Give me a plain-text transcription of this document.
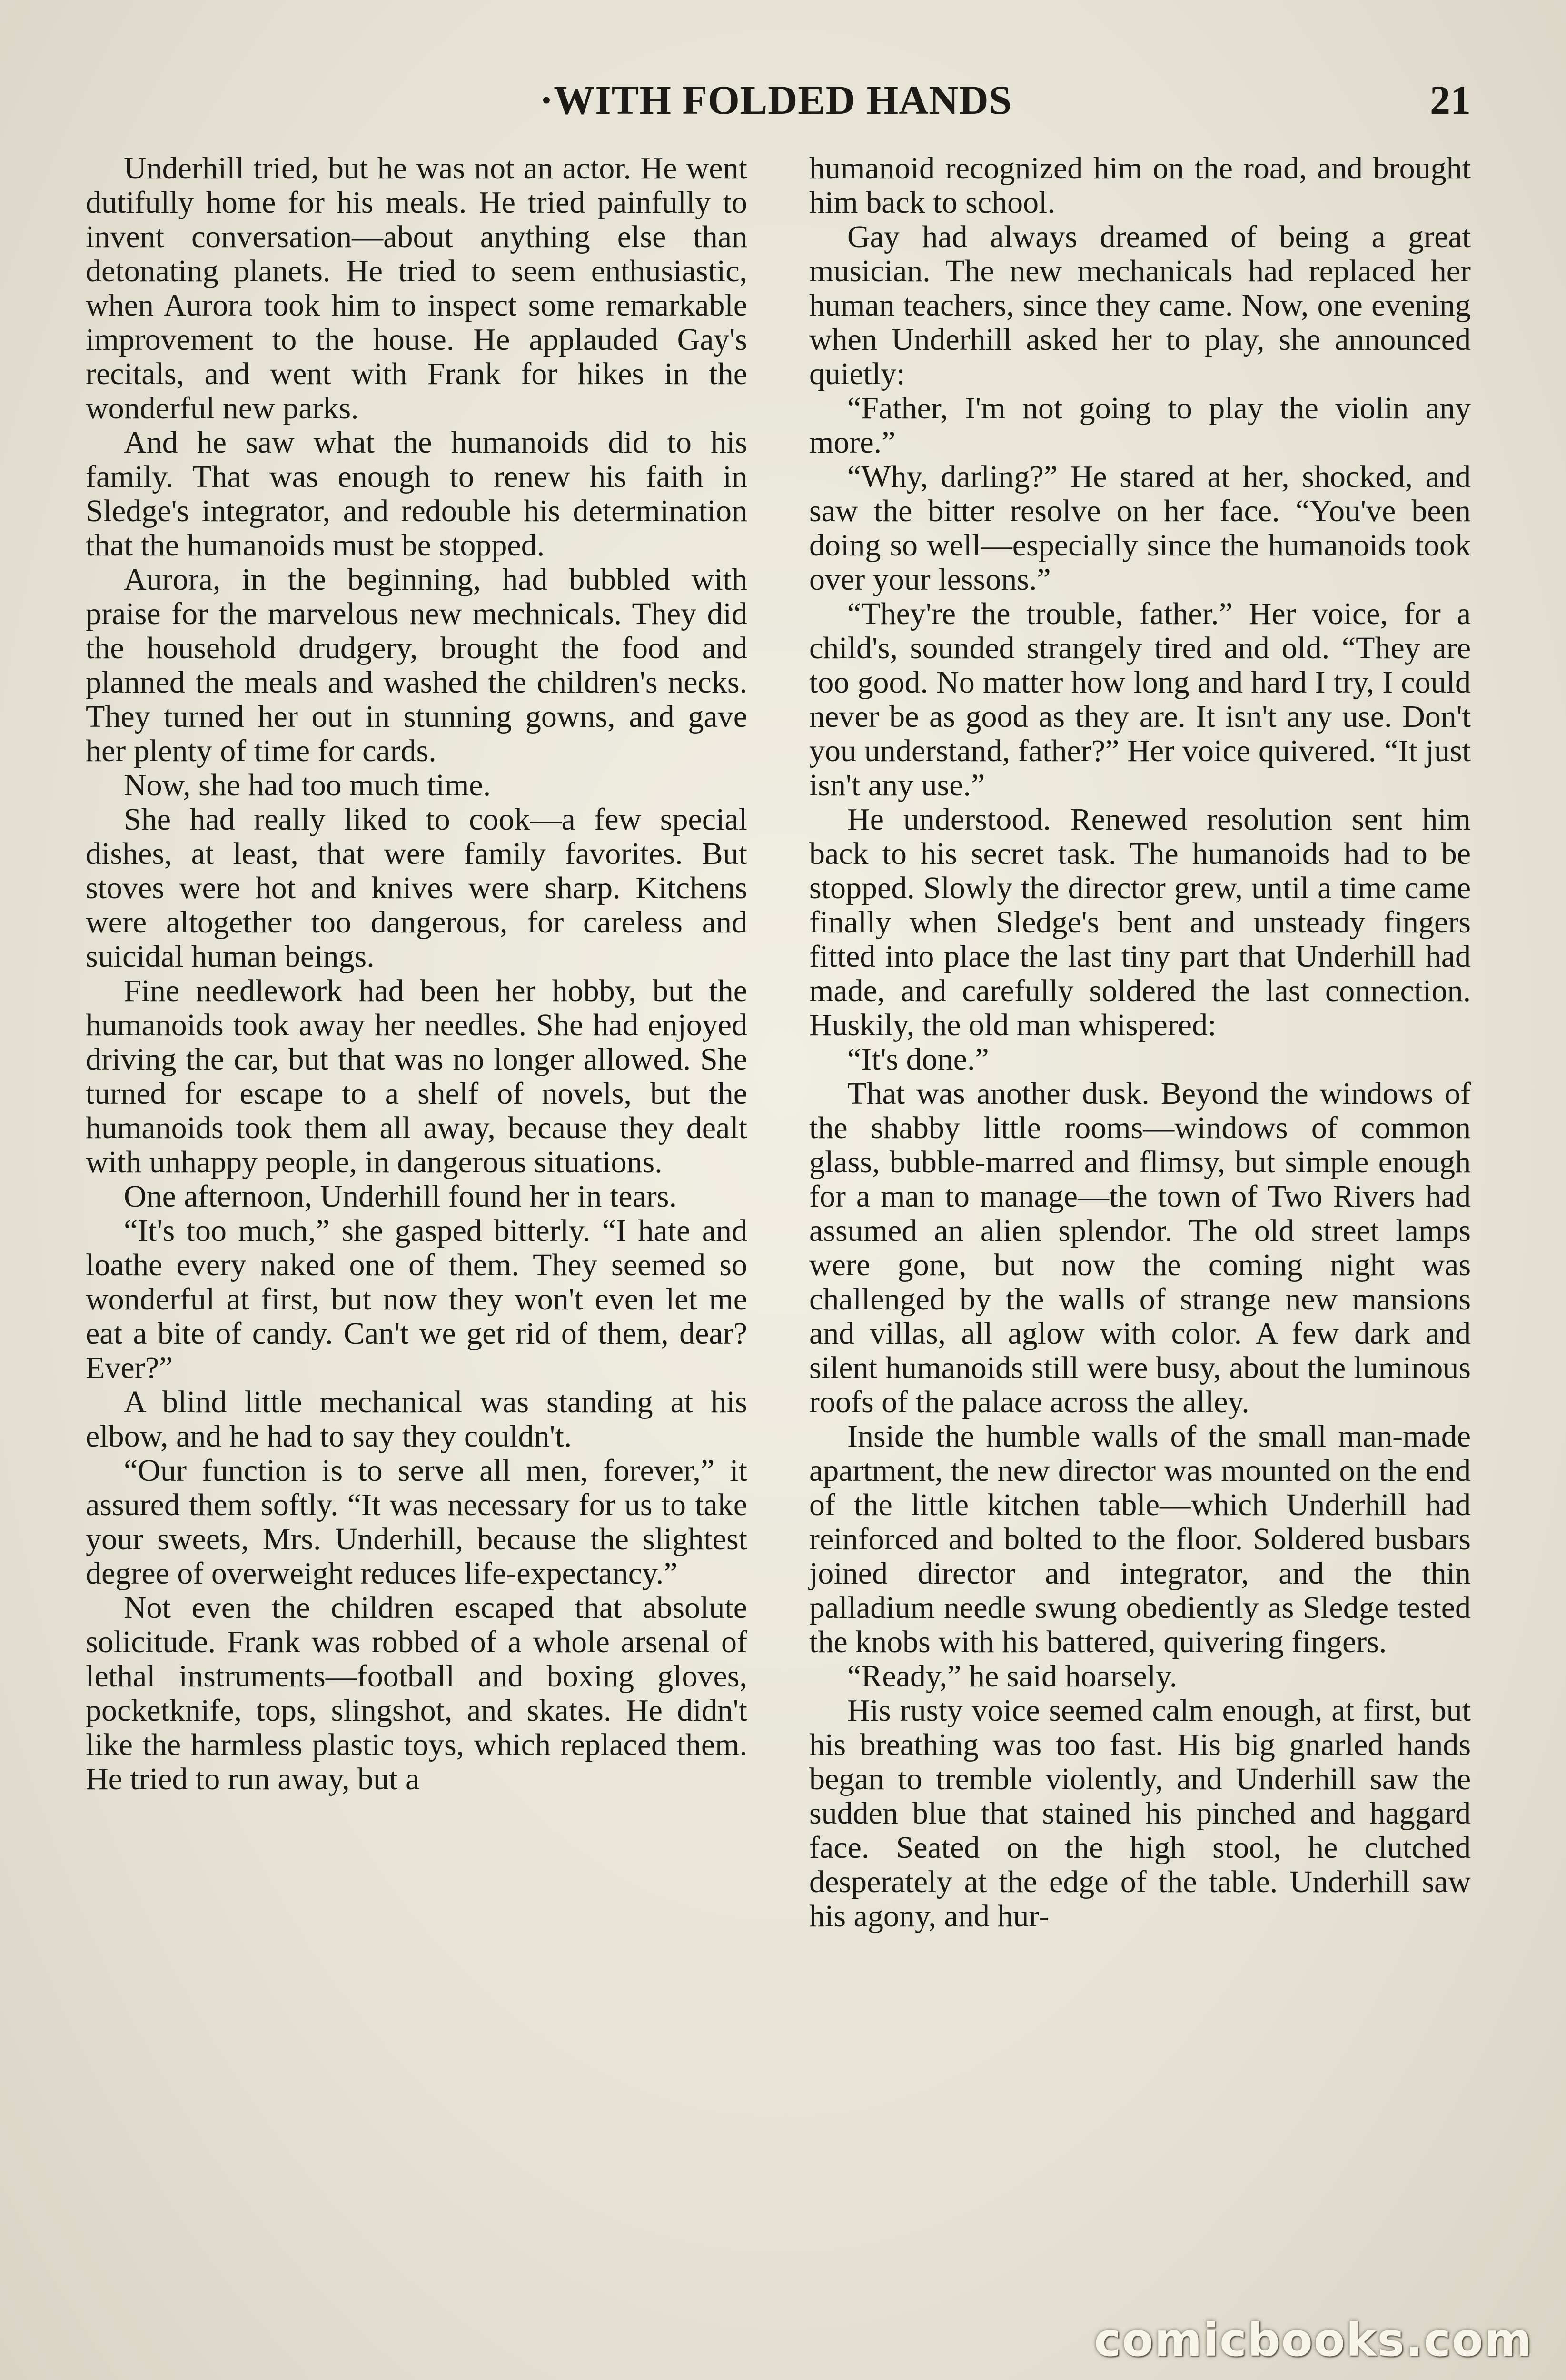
·WITH FOLDED HANDS	21

Underhill tried, but he was not an actor. He went dutifully home for his meals. He tried painfully to invent conversation—about anything else than detonating planets. He tried to seem enthusiastic, when Aurora took him to inspect some remarkable improvement to the house. He applauded Gay's recitals, and went with Frank for hikes in the wonderful new parks.

And he saw what the humanoids did to his family. That was enough to renew his faith in Sledge's integrator, and redouble his determination that the humanoids must be stopped.

Aurora, in the beginning, had bubbled with praise for the marvelous new mechnicals. They did the household drudgery, brought the food and planned the meals and washed the children's necks. They turned her out in stunning gowns, and gave her plenty of time for cards.

Now, she had too much time.

She had really liked to cook—a few special dishes, at least, that were family favorites. But stoves were hot and knives were sharp. Kitchens were altogether too dangerous, for careless and suicidal human beings.

Fine needlework had been her hobby, but the humanoids took away her needles. She had enjoyed driving the car, but that was no longer allowed. She turned for escape to a shelf of novels, but the humanoids took them all away, because they dealt with unhappy people, in dangerous situations.

One afternoon, Underhill found her in tears.

“It's too much,” she gasped bitterly. “I hate and loathe every naked one of them. They seemed so wonderful at first, but now they won't even let me eat a bite of candy. Can't we get rid of them, dear? Ever?”

A blind little mechanical was standing at his elbow, and he had to say they couldn't.

“Our function is to serve all men, forever,” it assured them softly. “It was necessary for us to take your sweets, Mrs. Underhill, because the slightest degree of overweight reduces life-expectancy.”

Not even the children escaped that absolute solicitude. Frank was robbed of a whole arsenal of lethal instruments—football and boxing gloves, pocketknife, tops, slingshot, and skates. He didn't like the harmless plastic toys, which replaced them. He tried to run away, but a

humanoid recognized him on the road, and brought him back to school.

Gay had always dreamed of being a great musician. The new mechanicals had replaced her human teachers, since they came. Now, one evening when Underhill asked her to play, she announced quietly:

“Father, I'm not going to play the violin any more.”

“Why, darling?” He stared at her, shocked, and saw the bitter resolve on her face. “You've been doing so well—especially since the humanoids took over your lessons.”

“They're the trouble, father.” Her voice, for a child's, sounded strangely tired and old. “They are too good. No matter how long and hard I try, I could never be as good as they are. It isn't any use. Don't you understand, father?” Her voice quivered. “It just isn't any use.”

He understood. Renewed resolution sent him back to his secret task. The humanoids had to be stopped. Slowly the director grew, until a time came finally when Sledge's bent and unsteady fingers fitted into place the last tiny part that Underhill had made, and carefully soldered the last connection. Huskily, the old man whispered:

“It's done.”

That was another dusk. Beyond the windows of the shabby little rooms—windows of common glass, bubble-marred and flimsy, but simple enough for a man to manage—the town of Two Rivers had assumed an alien splendor. The old street lamps were gone, but now the coming night was challenged by the walls of strange new mansions and villas, all aglow with color. A few dark and silent humanoids still were busy, about the luminous roofs of the palace across the alley.

Inside the humble walls of the small man-made apartment, the new director was mounted on the end of the little kitchen table—which Underhill had reinforced and bolted to the floor. Soldered busbars joined director and integrator, and the thin palladium needle swung obediently as Sledge tested the knobs with his battered, quivering fingers.

“Ready,” he said hoarsely.

His rusty voice seemed calm enough, at first, but his breathing was too fast. His big gnarled hands began to tremble violently, and Underhill saw the sudden blue that stained his pinched and haggard face. Seated on the high stool, he clutched desperately at the edge of the table. Underhill saw his agony, and hur-

comicbooks.com
